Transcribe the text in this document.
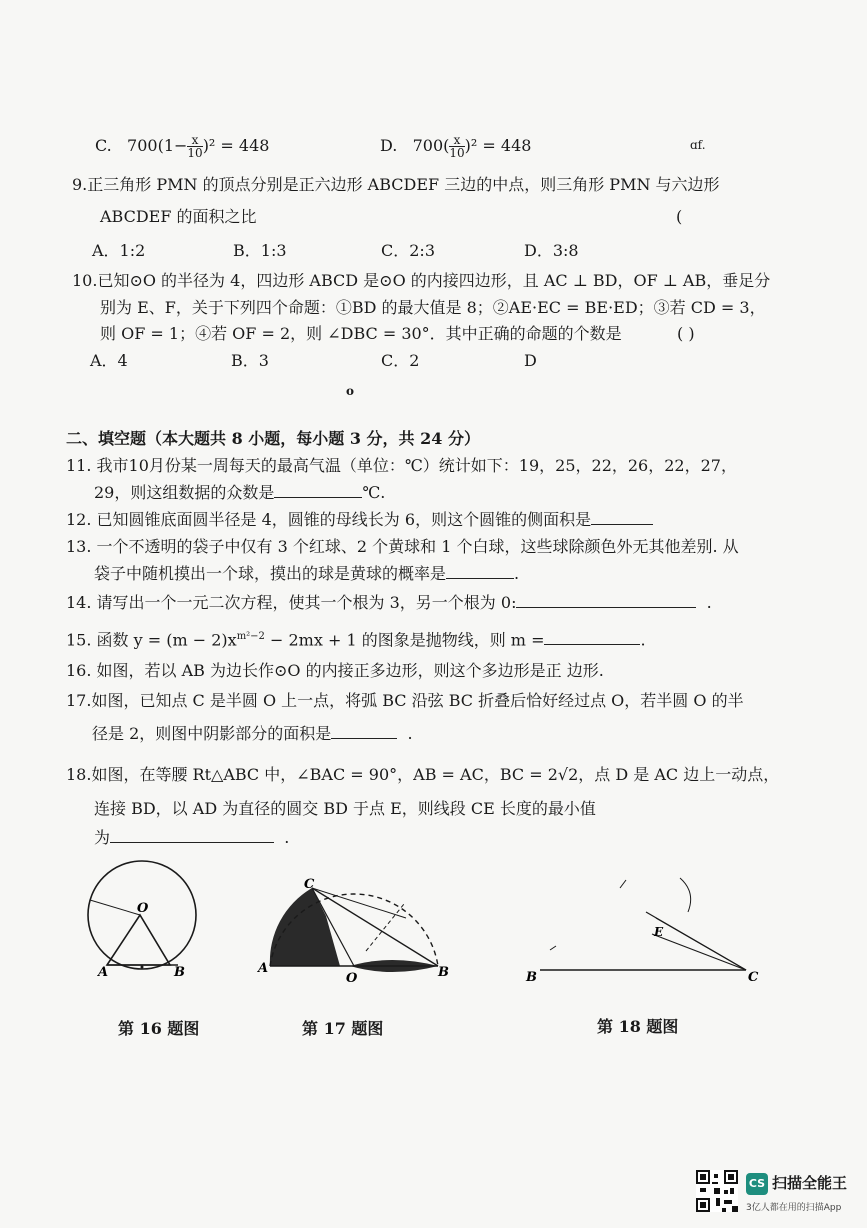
C. $700(1- \frac{x}{10} )^2 = 448$	D. $700( \frac{x}{10} )^2 = 448$	ɑf.
9.正三角形 PMN 的顶点分别是正六边形 ABCDEF 三边的中点，则三角形 PMN 与六边形
ABCDEF 的面积之比	(
A．1:2	B．1:3	C．2:3	D．3:8
10.已知⊙O 的半径为 4，四边形 ABCD 是⊙O 的内接四边形，且 AC ⊥ BD，OF ⊥ AB，垂足分
别为 E、F，关于下列四个命题：①BD 的最大值是 8；②AE·EC = BE·ED；③若 CD = 3，
则 OF = 1；④若 OF = 2，则 ∠DBC = 30°．其中正确的命题的个数是	( )
A．4	B．3	C．2	D
o
二、填空题（本大题共 8 小题，每小题 3 分，共 24 分）
11. 我市10月份某一周每天的最高气温（单位：℃）统计如下：19，25，22，26，22，27，
29，则这组数据的众数是	℃.
12. 已知圆锥底面圆半径是 4，圆锥的母线长为 6，则这个圆锥的侧面积是
13. 一个不透明的袋子中仅有 3 个红球、2 个黄球和 1 个白球，这些球除颜色外无其他差别. 从
袋子中随机摸出一个球，摸出的球是黄球的概率是	.
14. 请写出一个一元二次方程，使其一个根为 3，另一个根为 0:	.
15. 函数 $y = (m - 2)x^{m^2-2} - 2mx + 1$ 的图象是抛物线，则 m =	.
16. 如图，若以 AB 为边长作⊙O 的内接正多边形，则这个多边形是正 边形.
17.如图，已知点 C 是半圆 O 上一点，将弧 BC 沿弦 BC 折叠后恰好经过点 O，若半圆 O 的半
径是 2，则图中阴影部分的面积是	.
18.如图，在等腰 Rt△ABC 中，∠BAC = 90°，AB = AC，BC = 2√2，点 D 是 AC 边上一动点，
连接 BD，以 AD 为直径的圆交 BD 于点 E，则线段 CE 长度的最小值
为	.
O
A	B
第 16 题图
C
A
O	B
第 17 题图
B	C
E
第 18 题图
CS 扫描全能王
3亿人都在用的扫描App
